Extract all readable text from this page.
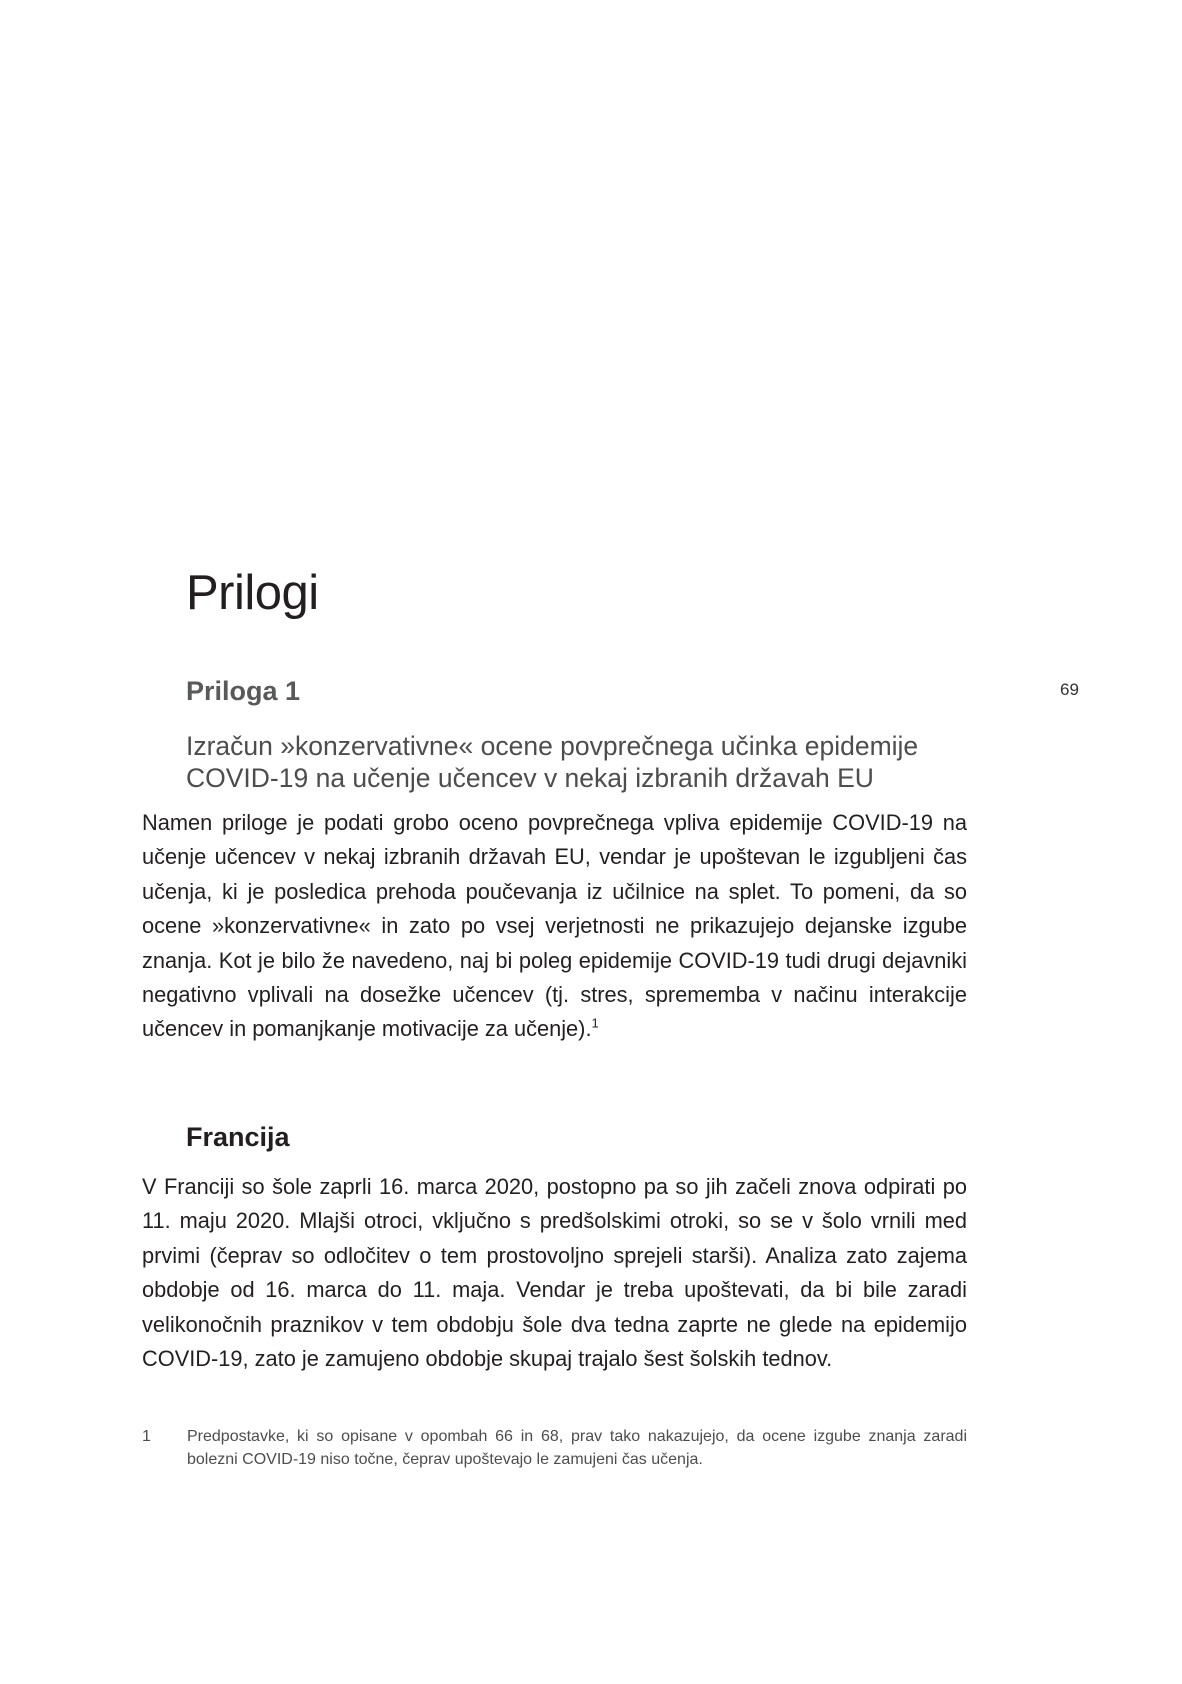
Prilogi
69
Priloga 1

Izračun »konzervativne« ocene povprečnega učinka epidemije COVID-19 na učenje učencev v nekaj izbranih državah EU

Namen priloge je podati grobo oceno povprečnega vpliva epidemije COVID-19 na učenje učencev v nekaj izbranih državah EU, vendar je upoštevan le izgubljeni čas učenja, ki je posledica prehoda poučevanja iz učilnice na splet. To pomeni, da so ocene »konzervativne« in zato po vsej verjetnosti ne prikazujejo dejanske izgube znanja. Kot je bilo že navedeno, naj bi poleg epidemije COVID-19 tudi drugi dejavniki negativno vplivali na dosežke učencev (tj. stres, sprememba v načinu interakcije učencev in pomanjkanje motivacije za učenje).$^1$

Francija

V Franciji so šole zaprli 16. marca 2020, postopno pa so jih začeli znova odpirati po 11. maju 2020. Mlajši otroci, vključno s predšolskimi otroki, so se v šolo vrnili med prvimi (čeprav so odločitev o tem prostovoljno sprejeli starši). Analiza zato zajema obdobje od 16. marca do 11. maja. Vendar je treba upoštevati, da bi bile zaradi velikonočnih praznikov v tem obdobju šole dva tedna zaprte ne glede na epidemijo COVID-19, zato je zamujeno obdobje skupaj trajalo šest šolskih tednov.

1 Predpostavke, ki so opisane v opombah 66 in 68, prav tako nakazujejo, da ocene izgube znanja zaradi bolezni COVID-19 niso točne, čeprav upoštevajo le zamujeni čas učenja.
